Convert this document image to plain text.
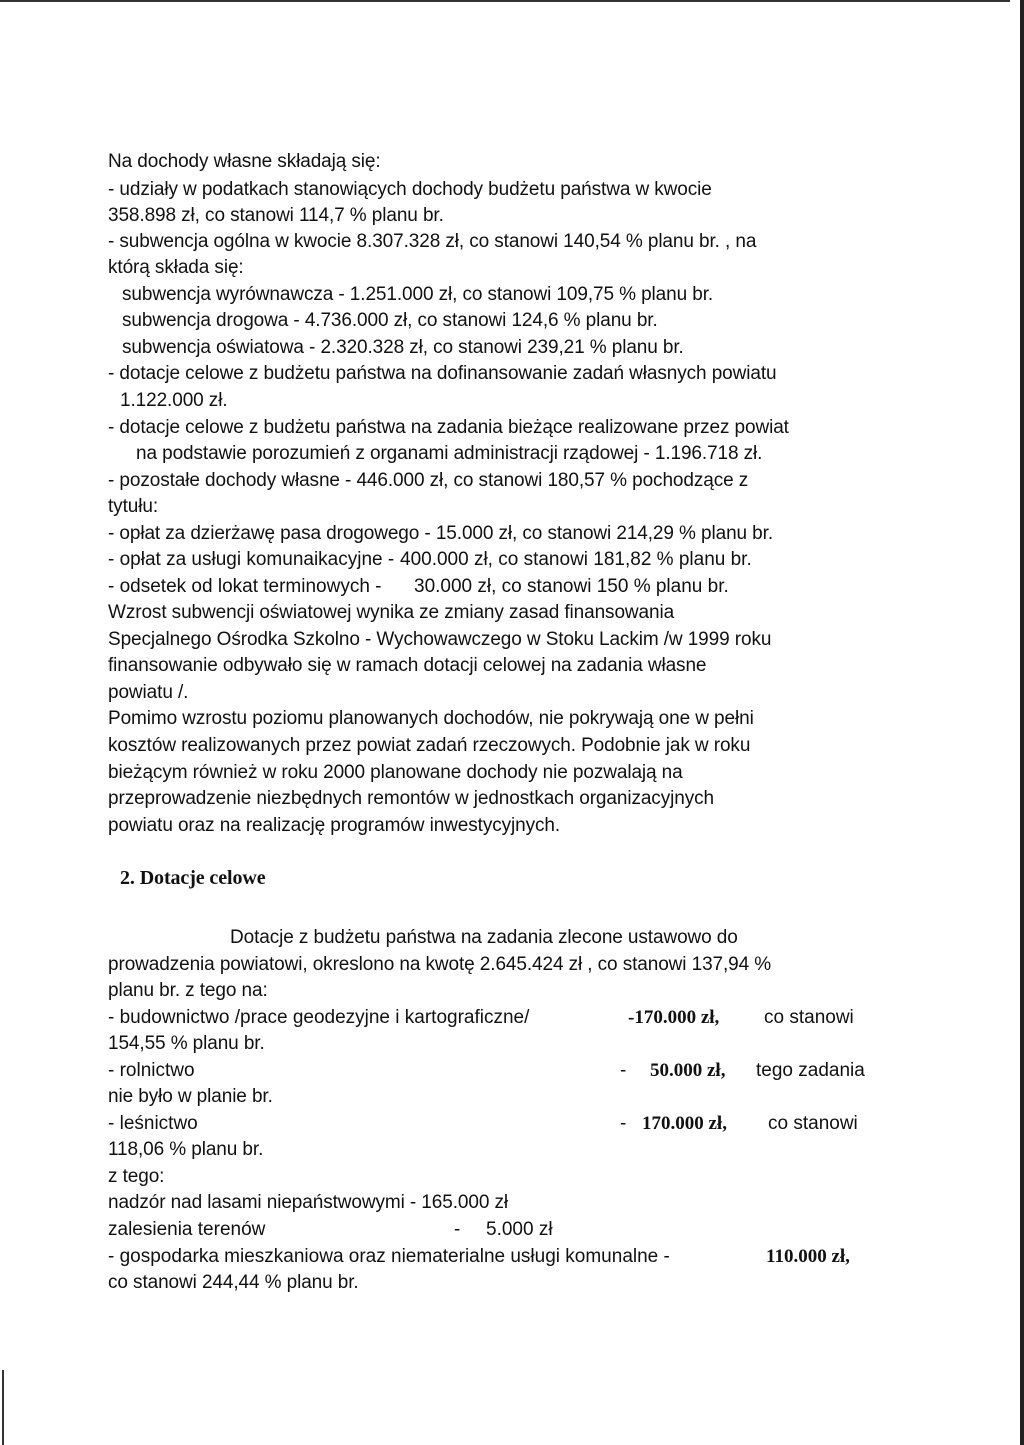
Na dochody własne składają się:
- udziały w podatkach stanowiących dochody budżetu państwa w kwocie
358.898 zł, co stanowi 114,7 % planu br.
- subwencja ogólna w kwocie 8.307.328 zł, co stanowi 140,54 % planu br. , na
którą składa się:
subwencja wyrównawcza - 1.251.000 zł, co stanowi 109,75 % planu br.
subwencja drogowa - 4.736.000 zł, co stanowi 124,6 % planu br.
subwencja oświatowa - 2.320.328 zł, co stanowi 239,21 % planu br.
- dotacje celowe z budżetu państwa na dofinansowanie zadań własnych powiatu
1.122.000 zł.
- dotacje celowe z budżetu państwa na zadania bieżące realizowane przez powiat
na podstawie porozumień z organami administracji rządowej - 1.196.718 zł.
- pozostałe dochody własne - 446.000 zł, co stanowi 180,57 % pochodzące z
tytułu:
- opłat za dzierżawę pasa drogowego - 15.000 zł, co stanowi 214,29 % planu br.
- opłat za usługi komunaikacyjne - 400.000 zł, co stanowi 181,82 % planu br.
- odsetek od lokat terminowych - 30.000 zł, co stanowi 150 % planu br.
Wzrost subwencji oświatowej wynika ze zmiany zasad finansowania
Specjalnego Ośrodka Szkolno - Wychowawczego w Stoku Lackim /w 1999 roku
finansowanie odbywało się w ramach dotacji celowej na zadania własne
powiatu /.
Pomimo wzrostu poziomu planowanych dochodów, nie pokrywają one w pełni
kosztów realizowanych przez powiat zadań rzeczowych. Podobnie jak w roku
bieżącym również w roku 2000 planowane dochody nie pozwalają na
przeprowadzenie niezbędnych remontów w jednostkach organizacyjnych
powiatu oraz na realizację programów inwestycyjnych.
2. Dotacje celowe
Dotacje z budżetu państwa na zadania zlecone ustawowo do
prowadzenia powiatowi, okreslono na kwotę 2.645.424 zł , co stanowi 137,94 %
planu br. z tego na:
- budownictwo /prace geodezyjne i kartograficzne/	-170.000 zł, co stanowi
154,55 % planu br.
- rolnictwo	- 50.000 zł, tego zadania
nie było w planie br.
- leśnictwo	- 170.000 zł, co stanowi
118,06 % planu br.
z tego:
nadzór nad lasami niepaństwowymi - 165.000 zł
zalesienia terenów	- 5.000 zł
- gospodarka mieszkaniowa oraz niematerialne usługi komunalne -	110.000 zł,
co stanowi 244,44 % planu br.
